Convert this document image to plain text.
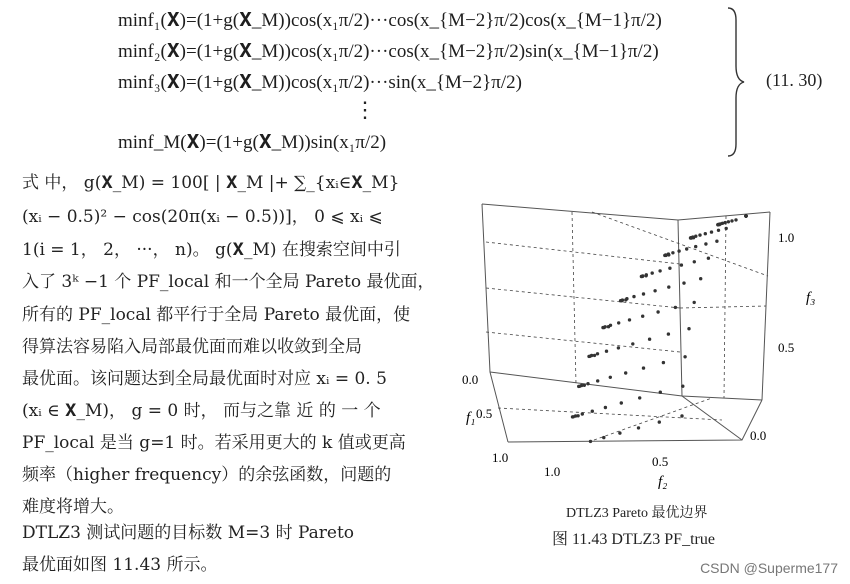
minf₁(𝐗)=(1+g(𝐗_M))cos(x₁π/2)···cos(x_{M−2}π/2)cos(x_{M−1}π/2)
minf₂(𝐗)=(1+g(𝐗_M))cos(x₁π/2)···cos(x_{M−2}π/2)sin(x_{M−1}π/2)
minf₃(𝐗)=(1+g(𝐗_M))cos(x₁π/2)···sin(x_{M−2}π/2)
⋮
minf_M(𝐗)=(1+g(𝐗_M))sin(x₁π/2)
(11. 30)
式 中， g(𝐗_M) = 100[ | 𝐗_M |+ ∑_{xᵢ∈𝐗_M}
(xᵢ − 0.5)² − cos(20π(xᵢ − 0.5))]， 0 ⩽ xᵢ ⩽
1(i = 1， 2， ···， n)。 g(𝐗_M) 在搜索空间中引
入了 3ᵏ −1 个 PF_local 和一个全局 Pareto 最优面，
所有的 PF_local 都平行于全局 Pareto 最优面，使
得算法容易陷入局部最优面而难以收敛到全局
最优面。该问题达到全局最优面时对应 xᵢ = 0. 5
(xᵢ ∈ 𝐗_M)， g = 0 时， 而与之靠 近 的 一 个
PF_local 是当 g=1 时。若采用更大的 k 值或更高
频率（higher frequency）的余弦函数，问题的
难度将增大。
DTLZ3 测试问题的目标数 M=3 时 Pareto
最优面如图 11.43 所示。
1.0
0.5
f₃
0.0
0.5
1.0
f₁
1.0
0.5
0.0
f₂
DTLZ3 Pareto 最优边界
图 11.43 DTLZ3 PF_true
CSDN @Superme177
